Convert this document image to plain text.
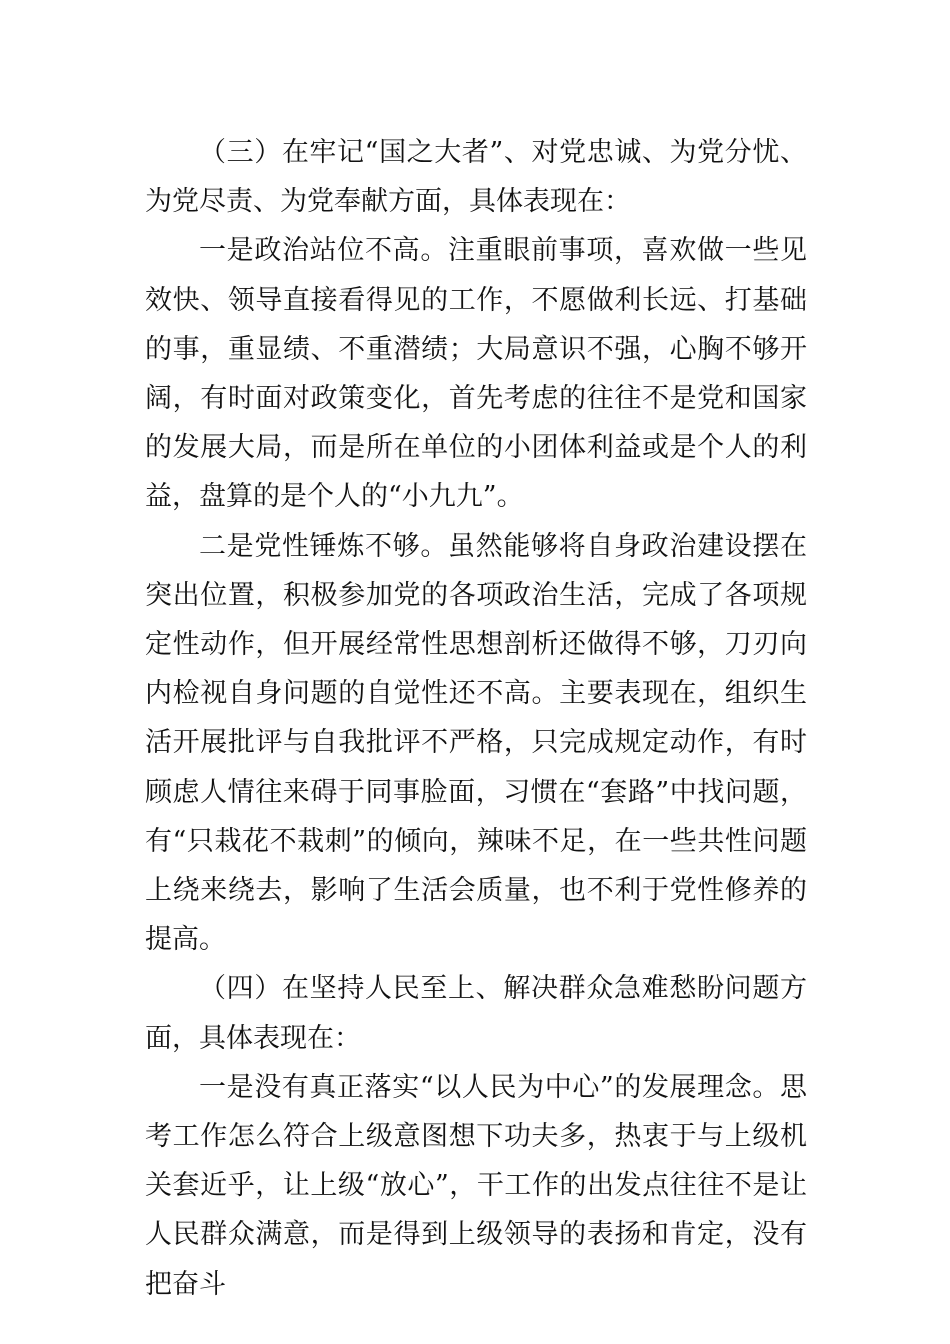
（三）在牢记“国之大者”、对党忠诚、为党分忧、为党尽责、为党奉献方面，具体表现在：

一是政治站位不高。注重眼前事项，喜欢做一些见效快、领导直接看得见的工作，不愿做利长远、打基础的事，重显绩、不重潜绩；大局意识不强，心胸不够开阔，有时面对政策变化，首先考虑的往往不是党和国家的发展大局，而是所在单位的小团体利益或是个人的利益，盘算的是个人的“小九九”。

二是党性锤炼不够。虽然能够将自身政治建设摆在突出位置，积极参加党的各项政治生活，完成了各项规定性动作，但开展经常性思想剖析还做得不够，刀刃向内检视自身问题的自觉性还不高。主要表现在，组织生活开展批评与自我批评不严格，只完成规定动作，有时顾虑人情往来碍于同事脸面，习惯在“套路”中找问题，有“只栽花不栽刺”的倾向，辣味不足，在一些共性问题上绕来绕去，影响了生活会质量，也不利于党性修养的提高。

（四）在坚持人民至上、解决群众急难愁盼问题方面，具体表现在：

一是没有真正落实“以人民为中心”的发展理念。思考工作怎么符合上级意图想下功夫多，热衷于与上级机关套近乎，让上级“放心”，干工作的出发点往往不是让人民群众满意，而是得到上级领导的表扬和肯定，没有把奋斗
